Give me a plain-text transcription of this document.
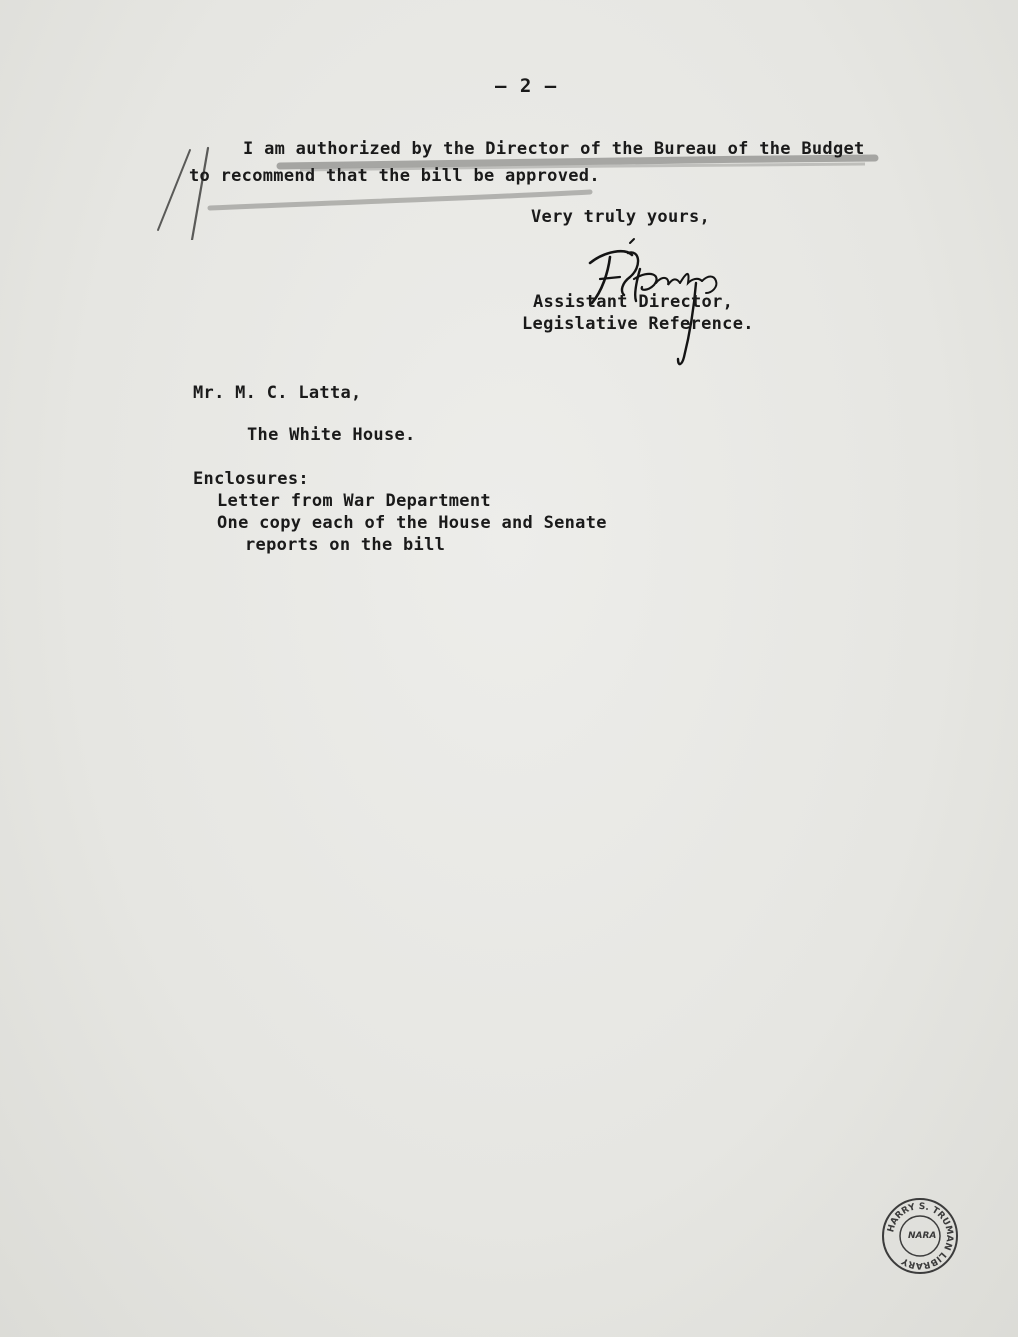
– 2 –
I am authorized by the Director of the Bureau of the Budget
to recommend that the bill be approved.
Very truly yours,
Assistant Director,
Legislative Reference.
Mr. M. C. Latta,
The White House.
Enclosures:
Letter from War Department
One copy each of the House and Senate
reports on the bill
HARRY S. TRUMAN LIBRARY
NARA
